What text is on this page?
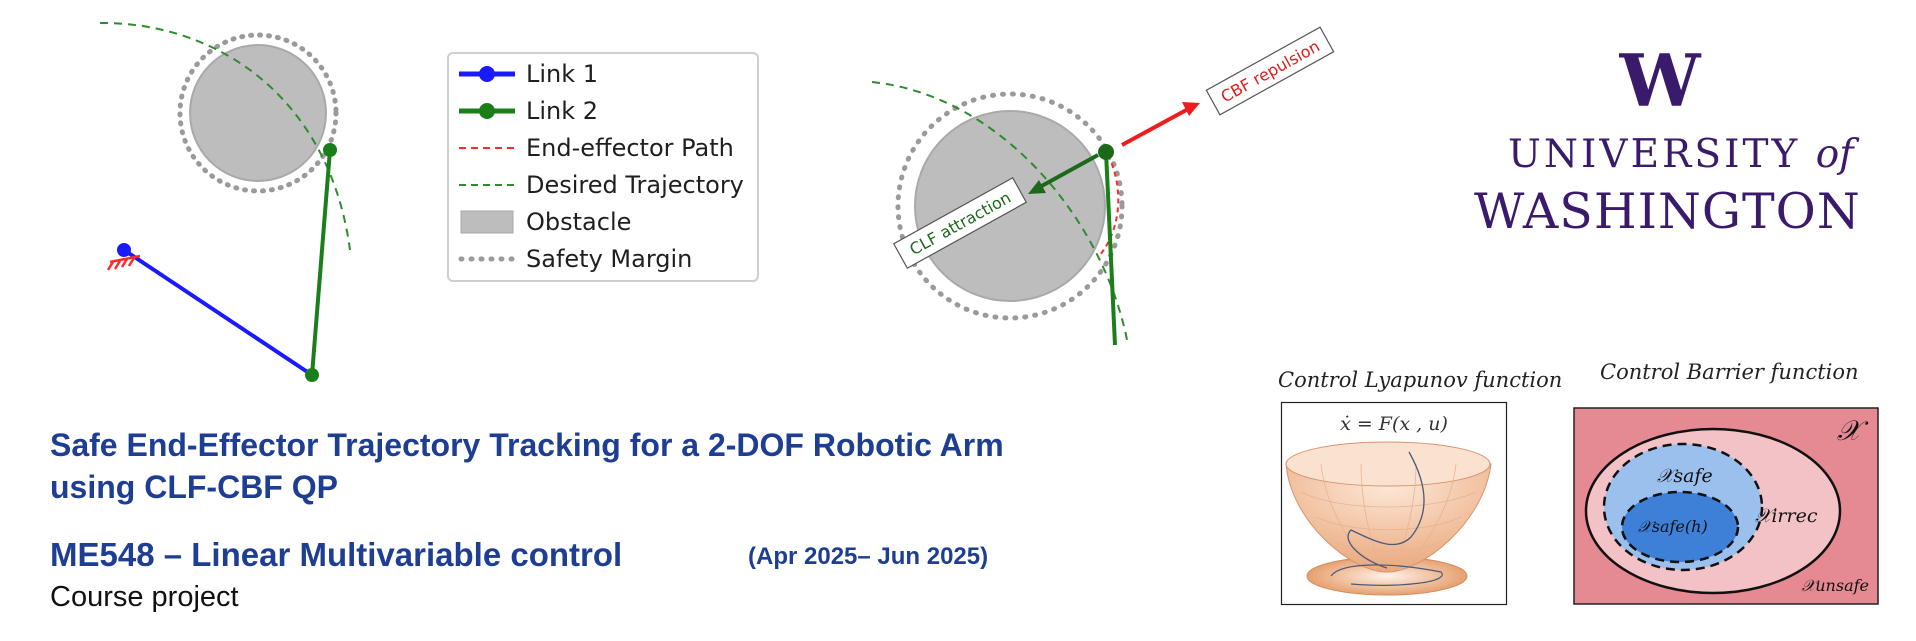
Link 1
Link 2
End-effector Path
Desired Trajectory
Obstacle
Safety Margin
CBF repulsion
CLF attraction
W
UNIVERSITY of
WASHINGTON
Safe End-Effector Trajectory Tracking for a 2-DOF Robotic Arm using CLF-CBF QP
ME548 – Linear Multivariable control	(Apr 2025– Jun 2025)
Course project
Control Lyapunov function
ẋ = F(x , u)
Control Barrier function
𝒳
𝒳safe
𝒳safe(h) 𝒳irrec
𝒳unsafe
